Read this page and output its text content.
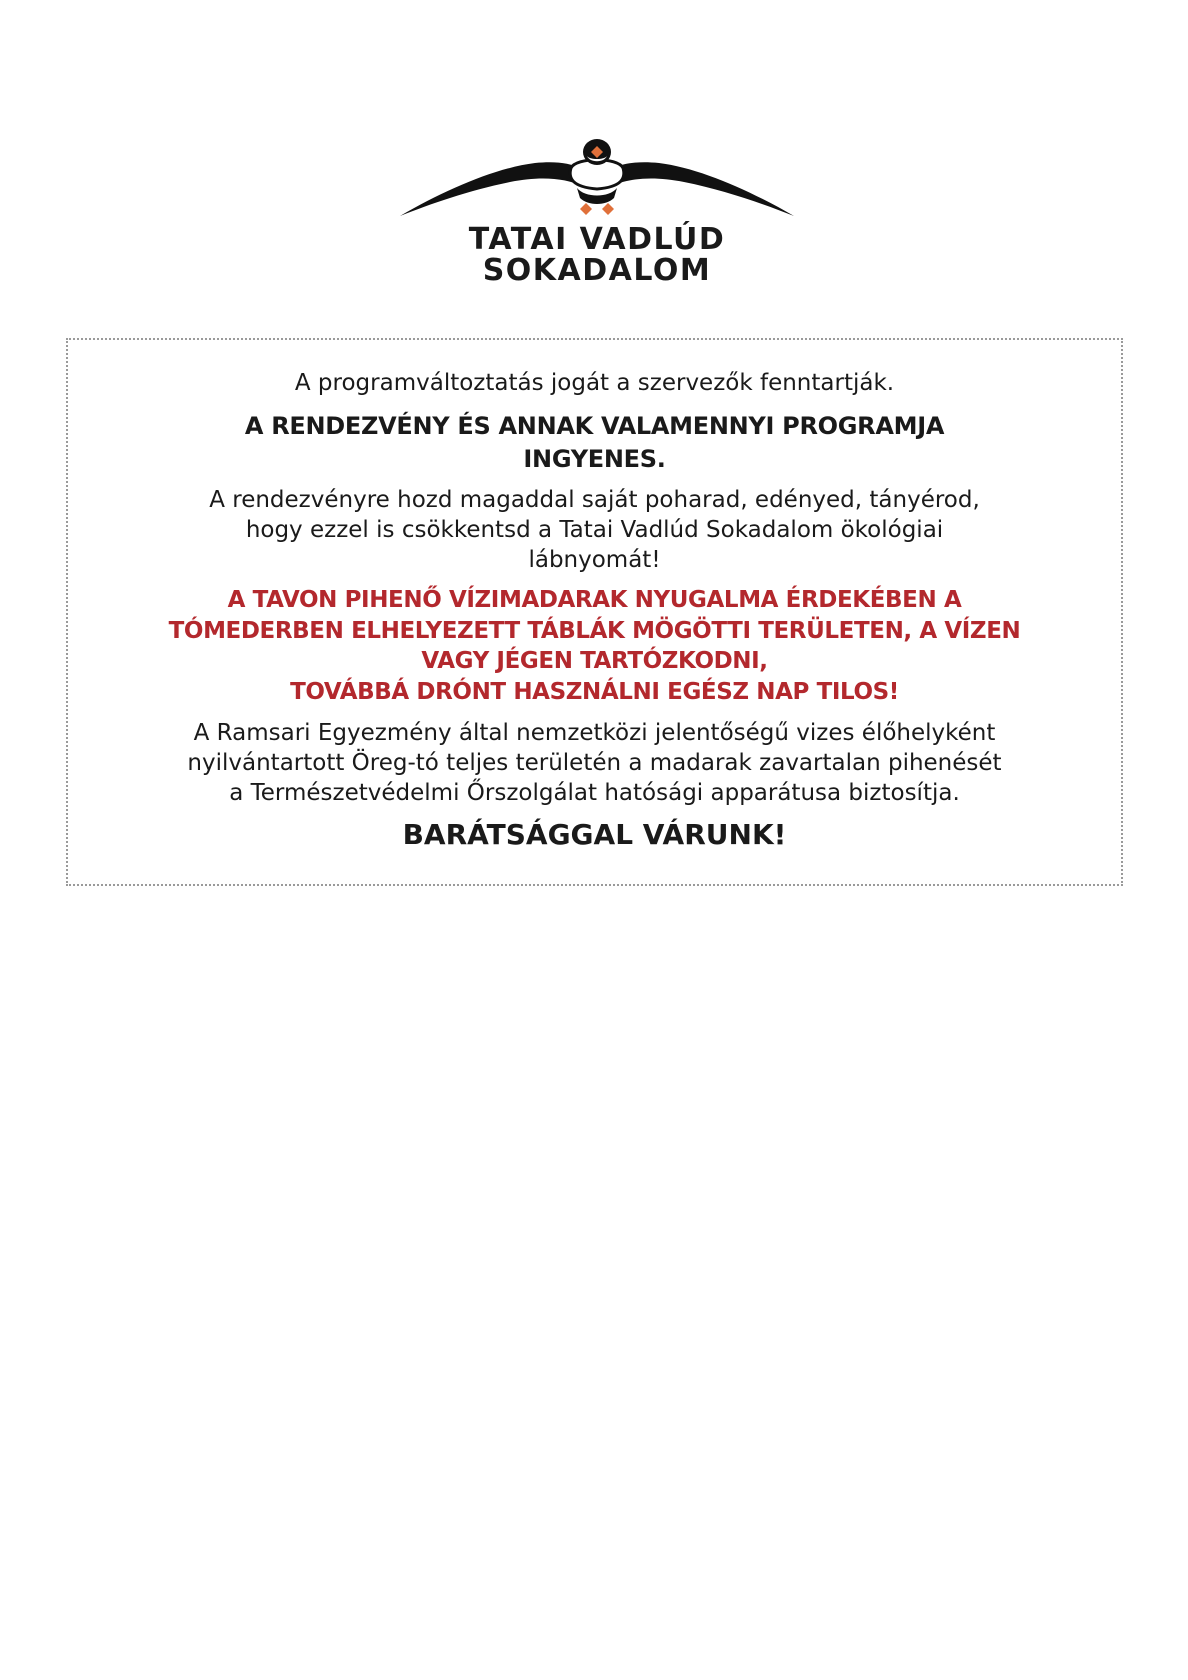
TATAI VADLÚD
SOKADALOM

A programváltoztatás jogát a szervezők fenntartják.

A RENDEZVÉNY ÉS ANNAK VALAMENNYI PROGRAMJA

INGYENES.

A rendezvényre hozd magaddal saját poharad, edényed, tányérod,

hogy ezzel is csökkentsd a Tatai Vadlúd Sokadalom ökológiai

lábnyomát!

A TAVON PIHENŐ VÍZIMADARAK NYUGALMA ÉRDEKÉBEN A

TÓMEDERBEN ELHELYEZETT TÁBLÁK MÖGÖTTI TERÜLETEN, A VÍZEN

VAGY JÉGEN TARTÓZKODNI,

TOVÁBBÁ DRÓNT HASZNÁLNI EGÉSZ NAP TILOS!

A Ramsari Egyezmény által nemzetközi jelentőségű vizes élőhelyként

nyilvántartott Öreg-tó teljes területén a madarak zavartalan pihenését

a Természetvédelmi Őrszolgálat hatósági apparátusa biztosítja.

BARÁTSÁGGAL VÁRUNK!
